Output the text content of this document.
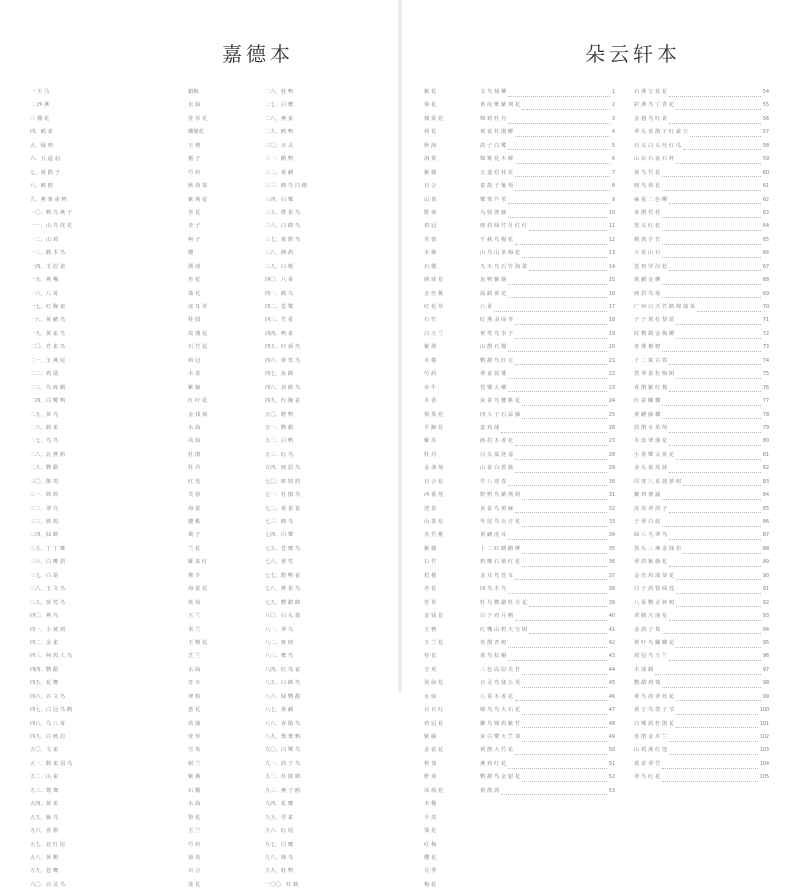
嘉德本
一 玉 马
二 西 燕
三 榴 花
四、鹤 雀
五、绿 鸦
六、五 道 羽
七、黄 鹊 子
八、鹤 鸥
九、燕 雏 雀 鸭
一〇、鸭 鸟 燕 子
一一、山 鸟 虎 花
一二、山 鸡
一三、鹤 木 鸟
一四、玉 眉 雀
一五、燕 嘴
一六、八 哥
一七、红 胸 雀
一八、黄 鹂 鸟
一九、黄 雀 鸟
二〇、竹 雀 鸟
二一、玉 燕 尾
二二、鸡 瑞
二三、鸟 练 鹅
二四、白 鹭 鸭
二五、黄 鸟
二六、鹤 雀
二七、鸟 鸟
二八、北 燕 鸥
二九、鹦 鹉
三〇、鹡 鸰
三一、鸠 鸠
三二、翠 鸟
三三、鹧 鸪
三四、仙 鹤
三五、丁 丁 鹰
三六、白 鹰 鸽
三七、白 胡
三八、玉 文 鸟
三九、黄 莺 鸟
四〇、燕 鸟
四一、小 黄 鸡
四二、金 雀
四三、柯 鸡 人 鸟
四四、鹦 鹉
四五、花 鹰
四六、百 文 鸟
四七、白 冠 鸟 鹤
四八、乌 八 哥
四九、白 画 眉
五〇、文 雀
五一、鹤 雀 羽 鸟
五二、山 雀
五三、鸳 鸯
五四、黄 雀
五五、雁 鸟
五六、喜 鹊
五七、北 红 尾
五八、黄 鹌
五九、苍 鹰
六〇、百 灵 鸟
蜡梅
水 仙
萱 草 花
珊瑚花
玉 簪
栀 子
芍 药
秋 海 棠
紫 荆 花
杏 花
李 子
柯 子
樱
绣 球
杏 花
葵 花
虎 耳 草
桂 圆
玫 瑰 花
石 竹 花
鸡 冠
木 香
紫 藤
红 叶 花
金 钱 菊
水 仙
凤 仙
杜 鹃
牡 丹
红 莲
芙 蓉
海 棠
樱 桃
栗 子
兰 花
雁 来 红
佛 手
海 棠 花
蓝 菊
玉 兰
米 兰
玉 簪 花
芝 兰
水 仙
奇 卉
翠 柏
葱 花
菖 蒲
萱 草
雪 英
树 兰
紫 荆
石 榴
水 仙
梨 花
玉 兰
芍 药
菊 英
百 合
莲 花
二六、桂 鸭
二七、白 鹰
二八、燕 雀
二九、鸥 鸭
三〇、百 灵
三一、鹅 鸭
三二、黄 鹂
三三、鹤 鸟 白 鹅
三四、白 鹭
三五、群 雀 鸟
三六、白 鹤 鸟
三七、黄 鹊 鸟
三八、鹧 鸪
三九、白 喉
四〇、八 哥
四一、鹤 鸟
四二、苍 鹭
四三、竹 雀
四四、鸭 雀
四五、红 颈 鸟
四六、黄 莺 鸟
四七、灰 鹤
四八、双 鹤 鸟
四九、红 胸 雀
五〇、野 鸭
五一、鹦 鹉
五二、白 鸭
五三、红 鸟
五四、画 眉 鸟
七〇、斑 鸠 鸽
七一、杜 鹃 鸟
七二、黄 雀 雀
七三、鹤 鸟
七四、白 鹭
七五、苍 鹰 鸟
七六、黄 莺
七七、野 鸭 雀
七八、燕 雀 鸟
七九、鹦 鹉 鹤
八〇、白 头 翁
八一、翠 鸟
八二、斑 鸠
八三、鹰 鸟
八四、红 鸟 雀
八五、白 鹤 鸟
八六、绿 鹦 鹉
八七、黄 鹂
八八、喜 鹊 鸟
八九、鸳 鸯 鸭
九〇、白 鹭 鸟
九一、鸽 子 鸟
九二、杜 鹃 鹤
九三、燕 子 鸥
九四、花 鹰
九五、雪 雀
九六、红 尾
九七、白 鹰
九八、锦 鸟
九九、牡 鸭
一〇〇、红 鹤
朵云轩本
紫 花
菊 花
棣 棠 花
荷 花
秋 海
海 棠
紫 薇
百 合
山 茶
野 菊
鸡 冠
芙 蓉
木 樨
石 榴
绣 球 花
金 丝 桃
红 花 草
石 竹
白 玉 兰
紫 荆
木 槿
芍 药
牵 牛
木 香
菊 茶 花
羊 蹄 花
紫 苏
牡 丹
金 盏 菊
百 合 花
西 番 莲
迎 春
山 茶 花
夹 竹 桃
紫 薇
石 竹
桔 梗
杏 花
萱 草
金 钱 花
玉 簪
玉 兰 花
桂 花
合 欢
凤 仙 花
水 仙
百 日 红
鸡 冠 花
紫 藤
金 雀 花
秋 葵
野 菊
凤 凰 花
木 槿
辛 夷
葵 花
红 梅
樱 花
月 季
梅 花
文 鸟 杨 柳	1
黄 尾 雉 紫 荆 花	2
锦 鸡 牡 丹	3
黄 雀 杜 鹃 柳	4
鸽 子 白 鹭	5
锦 雉 花 木 樨	6
五 道 眉 桂 花	7
雀 鸪 子 葡 萄	8
鹭 鸶 芦 苇	9
乌 鸫 蔷 薇	10
画 眉 绿 竹 月 红 红	11
千 秋 鸟 梅 花	12
山 鸟 山 茶 梅 花	13
鸟 木 鸟 石 竹 海 棠	14
灰 鸭 紫 薇	15
仙 鹤 黄 花	16
八 哥	17
红 燕 羽 绿 杏	18
黄 莺 鸟 李 子	19
山 鹊 石 榴	20
鹦 鹉 鸟 红 豆	21
翠 雀 蓝 雏	22
苍 鹭 大 柳	23
灰 雀 鸟 樱 桃 花	24
四 大 子 石 蒜 藤	25
麦 鸡 蒲	26
画 眉 木 香 花	27
白 头 翁 迎 春	28
山 雀 白 蔷 薇	29
竹 八 迎 春	30
野 鸭 鸟 紫 荆 树	31
灰 雀 鸟 黄 麻	32
冬 尾 鸟 百 日 花	33
黄 鹂 虎 耳	34
十 二 红 鹤 鹅 摩	35
鸦 鹰 石 栗 红 花	36
龙 耳 鸟 苍 耳	37
四 鸟 木 鸟	38
牡 丹 鹦 鹉 牡 丹 花	39
白 子 鸡 月 鹅	40
红 嘴 山 鸦 天 宝 树	41
喜 鹊 杏 树	42
黄 鸟 棕 榈	43
三 色 高 原 芙 竹	44
百 灵 鸟 蒲 公 英	45
八 哥 木 香 花	46
锦 鸟 鸟 大 石 花	47
繁 鸟 锦 鸽 紫 竹	48
灰 白 鹭 天 竺 葵	49
黄 鹊 大 竹 花	50
燕 鸡 红 花	51
鹦 鹉 鸟 金 银 花	52
黄 鹊 鸽	53
石 燕 宝 箕 花	54
彩 燕 鸟 丁 香 花	55
金 翅 鸟 红 雀	56
翠 头 喜 鹊 子 红 豪 豆	57
百 头 白 头 丝 红 瓜	58
山 东 石 雀 石 杆	59
黄 鸟 竹 花	60
画 鸟 荷 花	61
麻 雀 二 色 柳	62
喜 鹊 竹 桂	63
黑 头 红 花	64
鹌 鹑 芋 竹	65
大 雀 山 石	66
苍 鸡 罗 汉 松	67
黄 鹂 金 柳	68
画 眉 鸟 菊	69
广 州 白 天 竹 鹤 锦 蒲 茱	70
子 子 黄 杜 梨 茨	71
红 鹦 鹉 金 梅 柳	72
喜 燕 棉 树	73
十 二 寓 古 铁	74
黑 翠 雀 松 梅 树	75
喜 鹊 紫 红 棉	76
红 雀 蝴 蝶	77
黄 鹂 藤 蝶	78
鸽 鹊 水 茱 萸	79
木 蓝 翠 蒲 星	80
小 茶 鹭 灵 黄 花	81
金 头 雀 菖 蒲	82
印 度 八 哥 蒲 萝 树	83
繁 鸡 薯 蔬	84
虎 皮 翠 鸽 子	85
子 翠 白 蓝	86
绿 八 鸟 翠 鸟	87
黑 头 三 燕 金 钱 松	88
翠 鸽 紫 薇 花	89
金 丝 鸡 蒲 葵 花	90
白 子 鸽 铁 线 莲	91
八 哥 鹦 金 钟 树	92
翠 鹤 天 南 星	93
金 鸽 子 梨	94
黄 叶 鸟 蝴 蝶 花	95
鸡 冠 鸟 玉 兰	96
木 蒲 鹤	97
鹦 鹉 鸡 葵	98
黄 鸟 鸽 翠 蓝 花	99
黄 子 鸟 蔷 子 节	100
白 鹭 鸽 杜 鹃 花	101
喜 鹊 金 木 兰	102
山 鸡 燕 红 莲	103
黄 雀 翠 竹	104
翠 鸟 红 花	105
